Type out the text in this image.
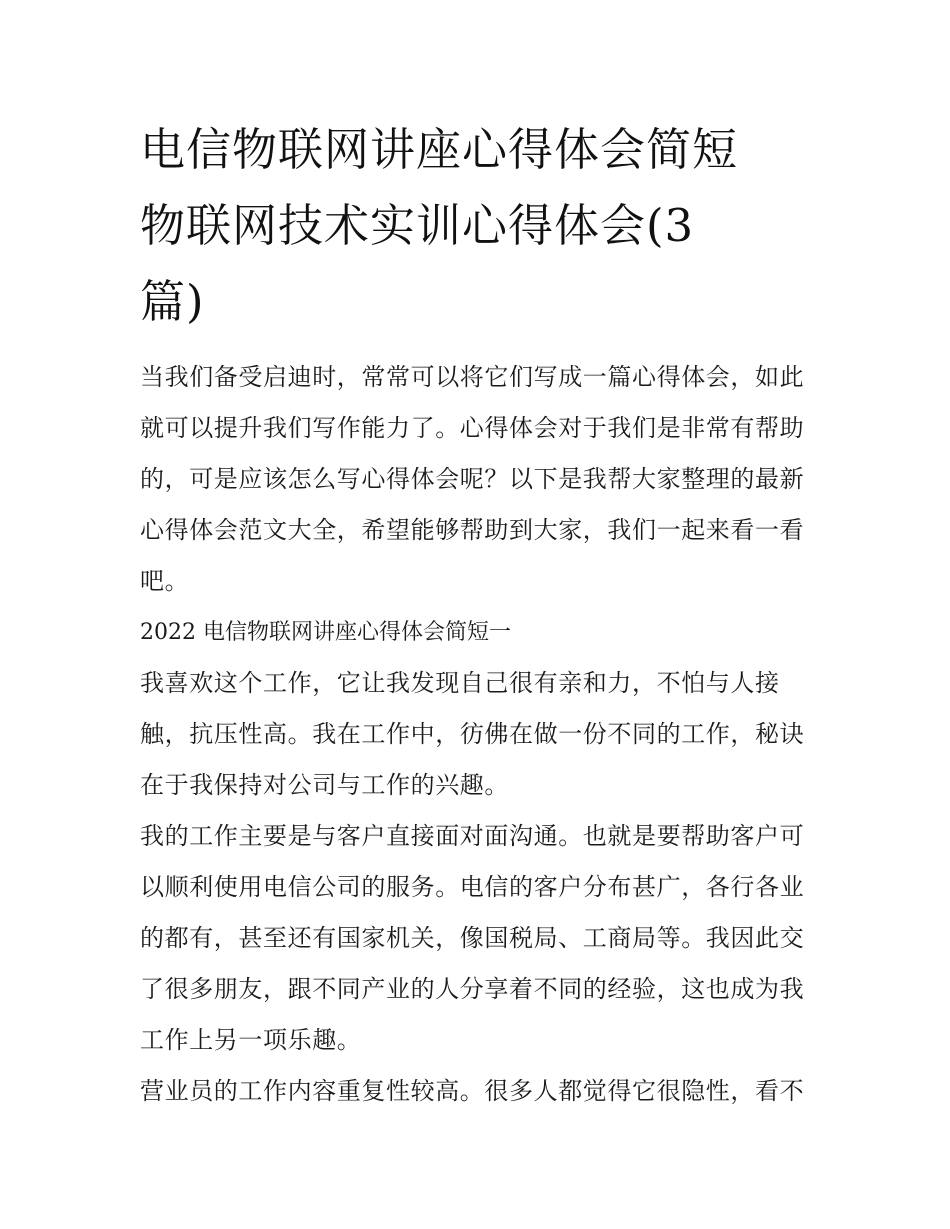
电信物联网讲座心得体会简短
物联网技术实训心得体会(3
篇)

当我们备受启迪时，常常可以将它们写成一篇心得体会，如此
就可以提升我们写作能力了。心得体会对于我们是非常有帮助
的，可是应该怎么写心得体会呢？以下是我帮大家整理的最新
心得体会范文大全，希望能够帮助到大家，我们一起来看一看
吧。

2022 电信物联网讲座心得体会简短一

我喜欢这个工作，它让我发现自己很有亲和力，不怕与人接
触，抗压性高。我在工作中，彷佛在做一份不同的工作，秘诀
在于我保持对公司与工作的兴趣。

我的工作主要是与客户直接面对面沟通。也就是要帮助客户可
以顺利使用电信公司的服务。电信的客户分布甚广，各行各业
的都有，甚至还有国家机关，像国税局、工商局等。我因此交
了很多朋友，跟不同产业的人分享着不同的经验，这也成为我
工作上另一项乐趣。

营业员的工作内容重复性较高。很多人都觉得它很隐性，看不
